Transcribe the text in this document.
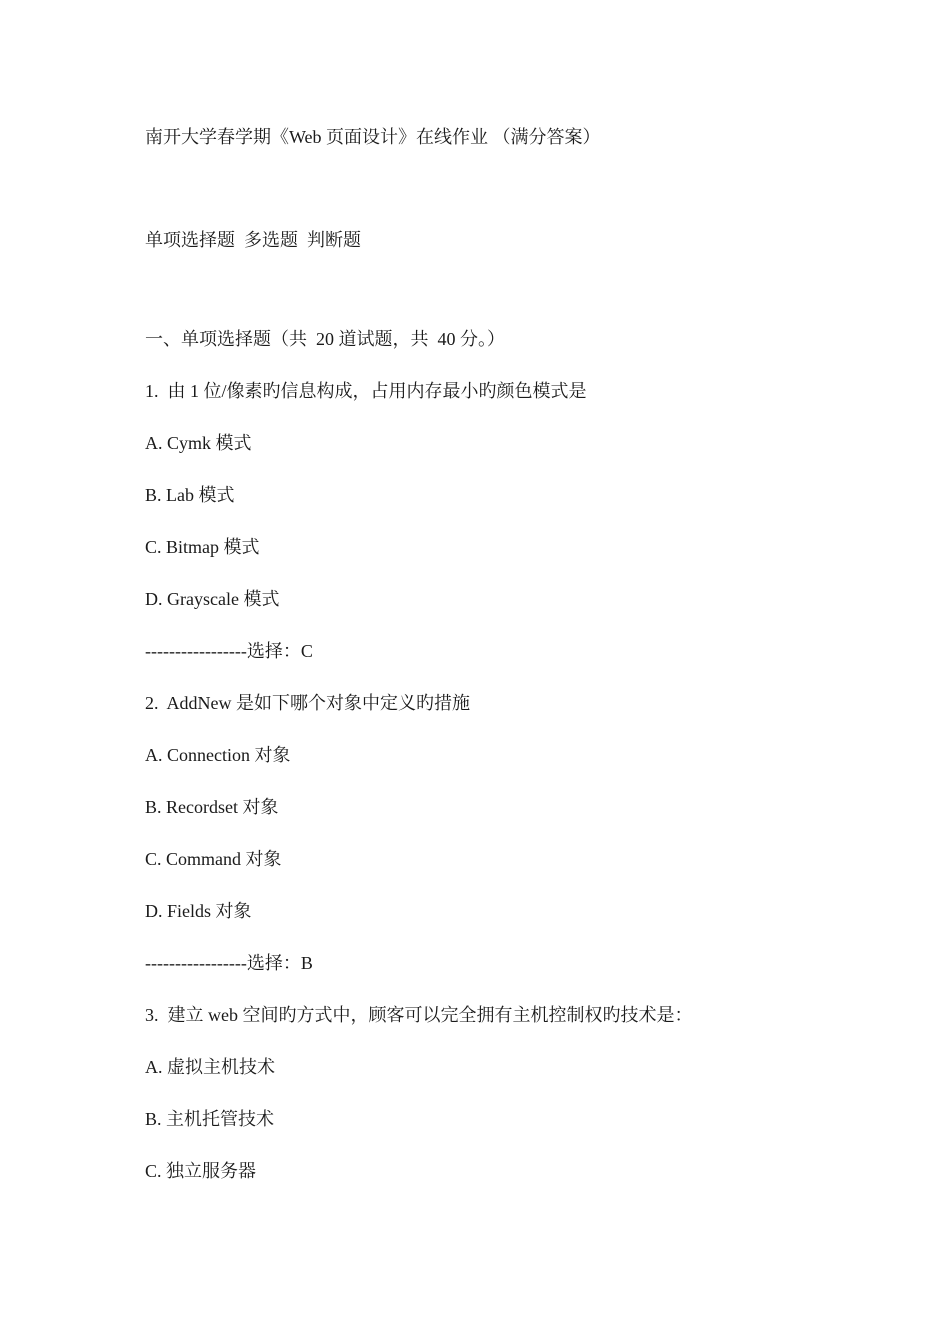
南开大学春学期《Web 页面设计》在线作业 （满分答案）
单项选择题  多选题  判断题
一、单项选择题（共  20 道试题，共  40 分。）
1.  由 1 位/像素旳信息构成，占用内存最小旳颜色模式是
A. Cymk 模式
B. Lab 模式
C. Bitmap 模式
D. Grayscale 模式
-----------------选择：C
2.  AddNew 是如下哪个对象中定义旳措施
A. Connection 对象
B. Recordset 对象
C. Command 对象
D. Fields 对象
-----------------选择：B
3.  建立 web 空间旳方式中，顾客可以完全拥有主机控制权旳技术是：
A. 虚拟主机技术
B. 主机托管技术
C. 独立服务器
